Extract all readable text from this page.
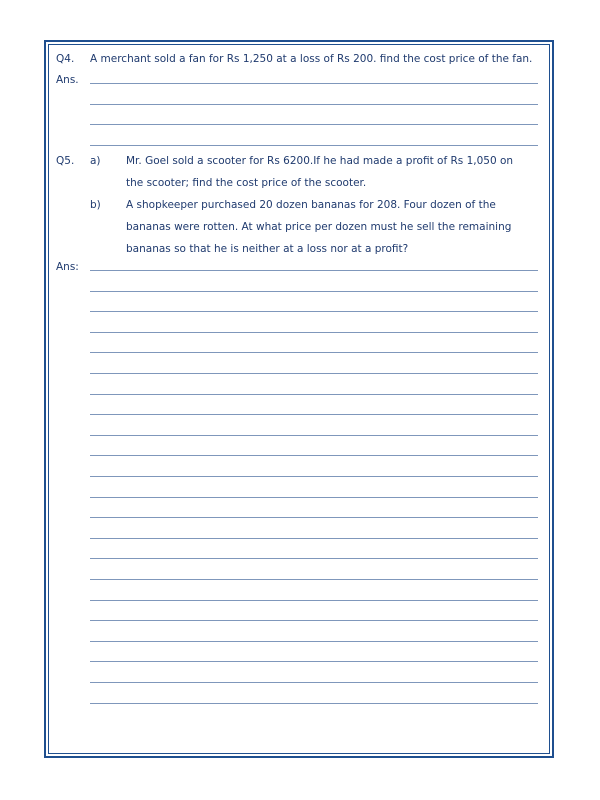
Q4. A merchant sold a fan for Rs 1,250 at a loss of Rs 200. find the cost price of the fan.
Ans.
Q5. a) Mr. Goel sold a scooter for Rs 6200.If he had made a profit of Rs 1,050 on
the scooter; find the cost price of the scooter.
b) A shopkeeper purchased 20 dozen bananas for 208. Four dozen of the
bananas were rotten. At what price per dozen must he sell the remaining
bananas so that he is neither at a loss nor at a profit?
Ans:
